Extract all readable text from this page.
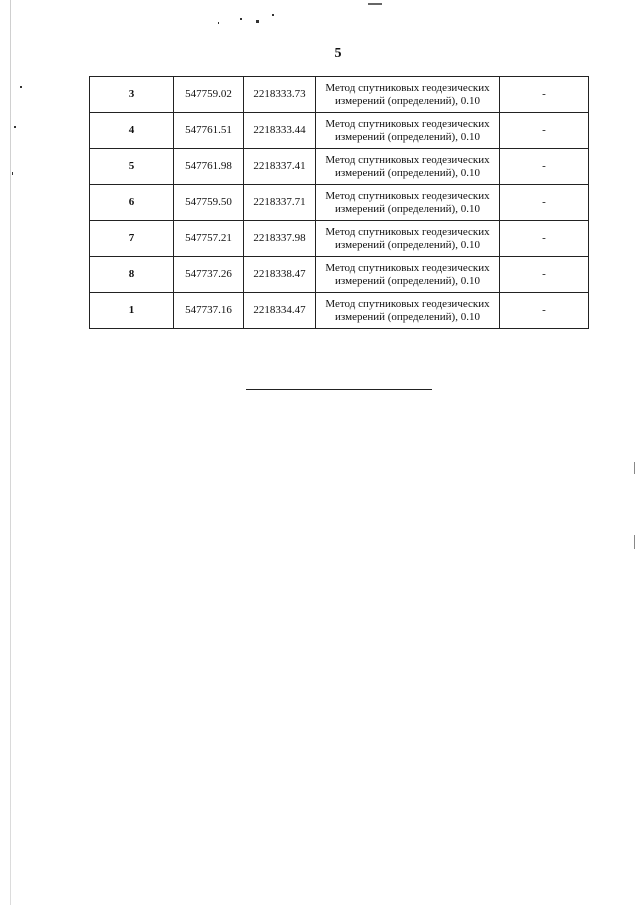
5
3	547759.02	2218333.73	Метод спутниковых геодезических
измерений (определений), 0.10	-
4	547761.51	2218333.44	Метод спутниковых геодезических
измерений (определений), 0.10	-
5	547761.98	2218337.41	Метод спутниковых геодезических
измерений (определений), 0.10	-
6	547759.50	2218337.71	Метод спутниковых геодезических
измерений (определений), 0.10	-
7	547757.21	2218337.98	Метод спутниковых геодезических
измерений (определений), 0.10	-
8	547737.26	2218338.47	Метод спутниковых геодезических
измерений (определений), 0.10	-
1	547737.16	2218334.47	Метод спутниковых геодезических
измерений (определений), 0.10	-
